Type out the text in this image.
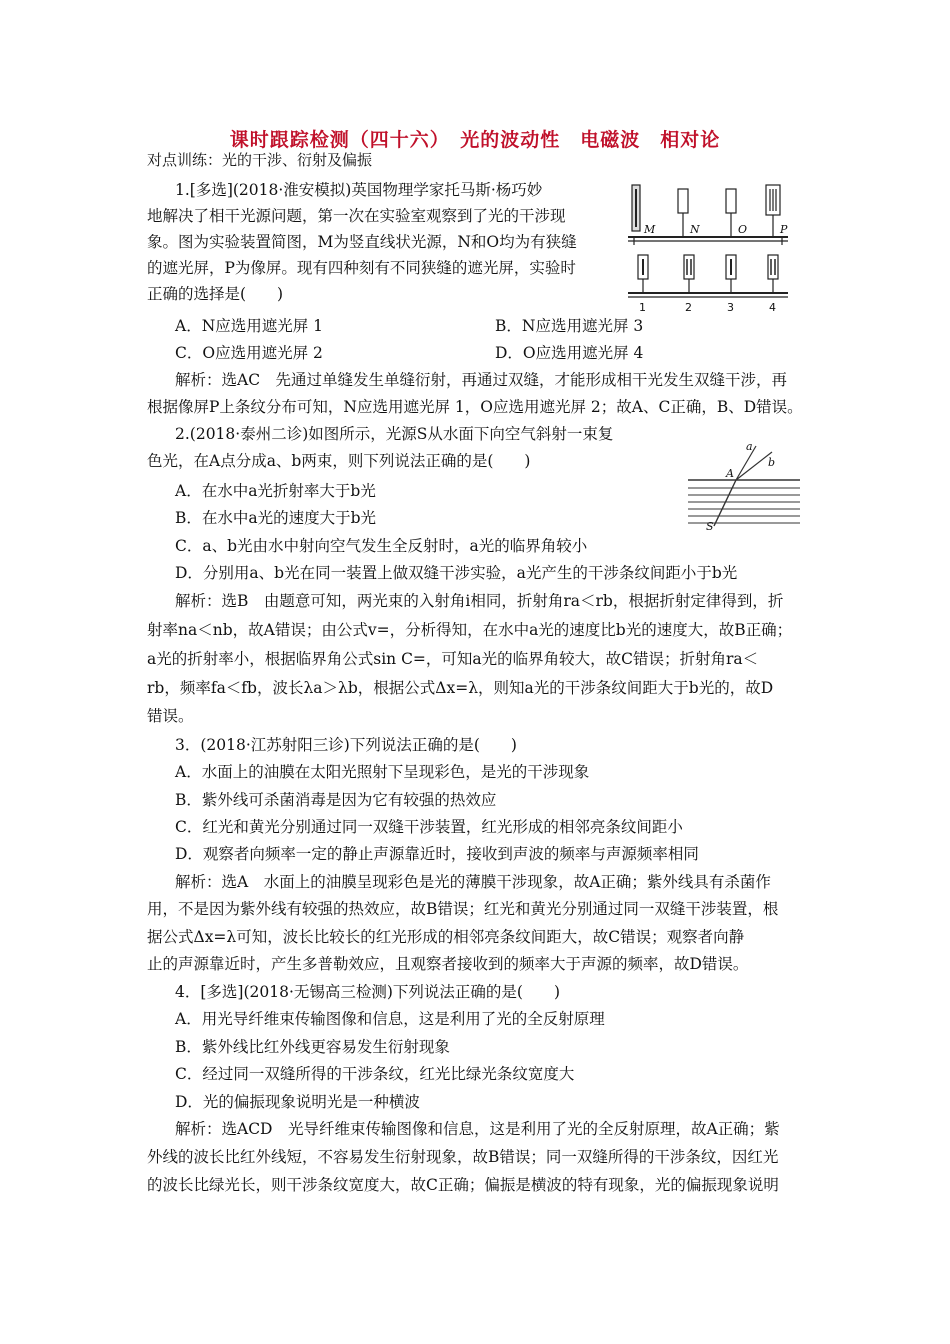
课时跟踪检测（四十六）　光的波动性　电磁波　相对论
对点训练：光的干涉、衍射及偏振
1.[多选](2018·淮安模拟)英国物理学家托马斯·杨巧妙
地解决了相干光源问题，第一次在实验室观察到了光的干涉现
象。图为实验装置简图，M为竖直线状光源，N和O均为有狭缝
的遮光屏，P为像屏。现有四种刻有不同狭缝的遮光屏，实验时
正确的选择是(　　)
A．N应选用遮光屏 1	B．N应选用遮光屏 3
C．O应选用遮光屏 2	D．O应选用遮光屏 4
解析：选AC　先通过单缝发生单缝衍射，再通过双缝，才能形成相干光发生双缝干涉，再
根据像屏P上条纹分布可知，N应选用遮光屏 1，O应选用遮光屏 2；故A、C正确，B、D错误。
2.(2018·泰州二诊)如图所示，光源S从水面下向空气斜射一束复
色光，在A点分成a、b两束，则下列说法正确的是(　　)
A．在水中a光折射率大于b光
B．在水中a光的速度大于b光
C．a、b光由水中射向空气发生全反射时，a光的临界角较小
D．分别用a、b光在同一装置上做双缝干涉实验，a光产生的干涉条纹间距小于b光
解析：选B　由题意可知，两光束的入射角i相同，折射角ra＜rb，根据折射定律得到，折
射率na＜nb，故A错误；由公式v=，分析得知，在水中a光的速度比b光的速度大，故B正确；
a光的折射率小，根据临界角公式sin C=，可知a光的临界角较大，故C错误；折射角ra＜
rb，频率fa＜fb，波长λa＞λb，根据公式Δx=λ，则知a光的干涉条纹间距大于b光的，故D
错误。
3．(2018·江苏射阳三诊)下列说法正确的是(　　)
A．水面上的油膜在太阳光照射下呈现彩色，是光的干涉现象
B．紫外线可杀菌消毒是因为它有较强的热效应
C．红光和黄光分别通过同一双缝干涉装置，红光形成的相邻亮条纹间距小
D．观察者向频率一定的静止声源靠近时，接收到声波的频率与声源频率相同
解析：选A　水面上的油膜呈现彩色是光的薄膜干涉现象，故A正确；紫外线具有杀菌作
用，不是因为紫外线有较强的热效应，故B错误；红光和黄光分别通过同一双缝干涉装置，根
据公式Δx=λ可知，波长比较长的红光形成的相邻亮条纹间距大，故C错误；观察者向静
止的声源靠近时，产生多普勒效应，且观察者接收到的频率大于声源的频率，故D错误。
4．[多选](2018·无锡高三检测)下列说法正确的是(　　)
A．用光导纤维束传输图像和信息，这是利用了光的全反射原理
B．紫外线比红外线更容易发生衍射现象
C．经过同一双缝所得的干涉条纹，红光比绿光条纹宽度大
D．光的偏振现象说明光是一种横波
解析：选ACD　光导纤维束传输图像和信息，这是利用了光的全反射原理，故A正确；紫
外线的波长比红外线短，不容易发生衍射现象，故B错误；同一双缝所得的干涉条纹，因红光
的波长比绿光长，则干涉条纹宽度大，故C正确；偏振是横波的特有现象，光的偏振现象说明
M	N	O	P
1	2	3	4
a
b
A
S
